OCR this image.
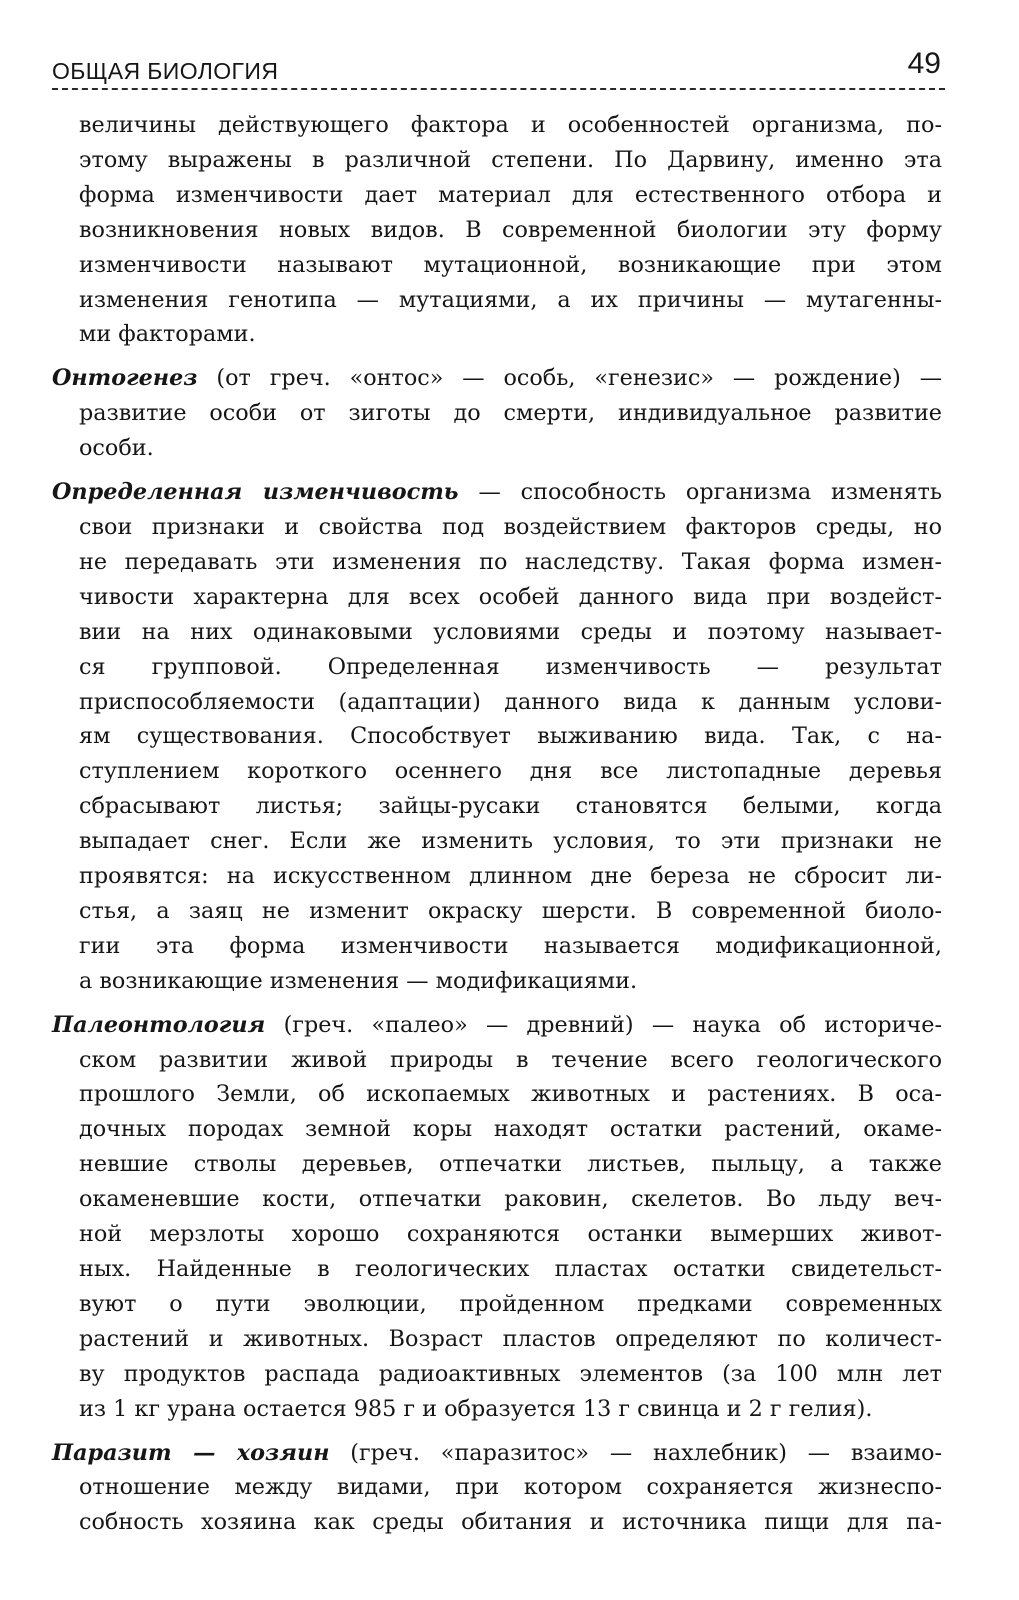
ОБЩАЯ БИОЛОГИЯ	49

величины действующего фактора и особенностей организма, по-
этому выражены в различной степени. По Дарвину, именно эта
форма изменчивости дает материал для естественного отбора и
возникновения новых видов. В современной биологии эту форму
изменчивости называют мутационной, возникающие при этом
изменения генотипа — мутациями, а их причины — мутагенны-
ми факторами.

Онтогенез (от греч. «онтос» — особь, «генезис» — рождение) —
развитие особи от зиготы до смерти, индивидуальное развитие
особи.

Определенная изменчивость — способность организма изменять
свои признаки и свойства под воздействием факторов среды, но
не передавать эти изменения по наследству. Такая форма измен-
чивости характерна для всех особей данного вида при воздейст-
вии на них одинаковыми условиями среды и поэтому называет-
ся групповой. Определенная изменчивость — результат
приспособляемости (адаптации) данного вида к данным услови-
ям существования. Способствует выживанию вида. Так, с на-
ступлением короткого осеннего дня все листопадные деревья
сбрасывают листья; зайцы-русаки становятся белыми, когда
выпадает снег. Если же изменить условия, то эти признаки не
проявятся: на искусственном длинном дне береза не сбросит ли-
стья, а заяц не изменит окраску шерсти. В современной биоло-
гии эта форма изменчивости называется модификационной,
а возникающие изменения — модификациями.

Палеонтология (греч. «палео» — древний) — наука об историче-
ском развитии живой природы в течение всего геологического
прошлого Земли, об ископаемых животных и растениях. В оса-
дочных породах земной коры находят остатки растений, окаме-
невшие стволы деревьев, отпечатки листьев, пыльцу, а также
окаменевшие кости, отпечатки раковин, скелетов. Во льду веч-
ной мерзлоты хорошо сохраняются останки вымерших живот-
ных. Найденные в геологических пластах остатки свидетельст-
вуют о пути эволюции, пройденном предками современных
растений и животных. Возраст пластов определяют по количест-
ву продуктов распада радиоактивных элементов (за 100 млн лет
из 1 кг урана остается 985 г и образуется 13 г свинца и 2 г гелия).

Паразит — хозяин (греч. «паразитос» — нахлебник) — взаимо-
отношение между видами, при котором сохраняется жизнеспо-
собность хозяина как среды обитания и источника пищи для па-
